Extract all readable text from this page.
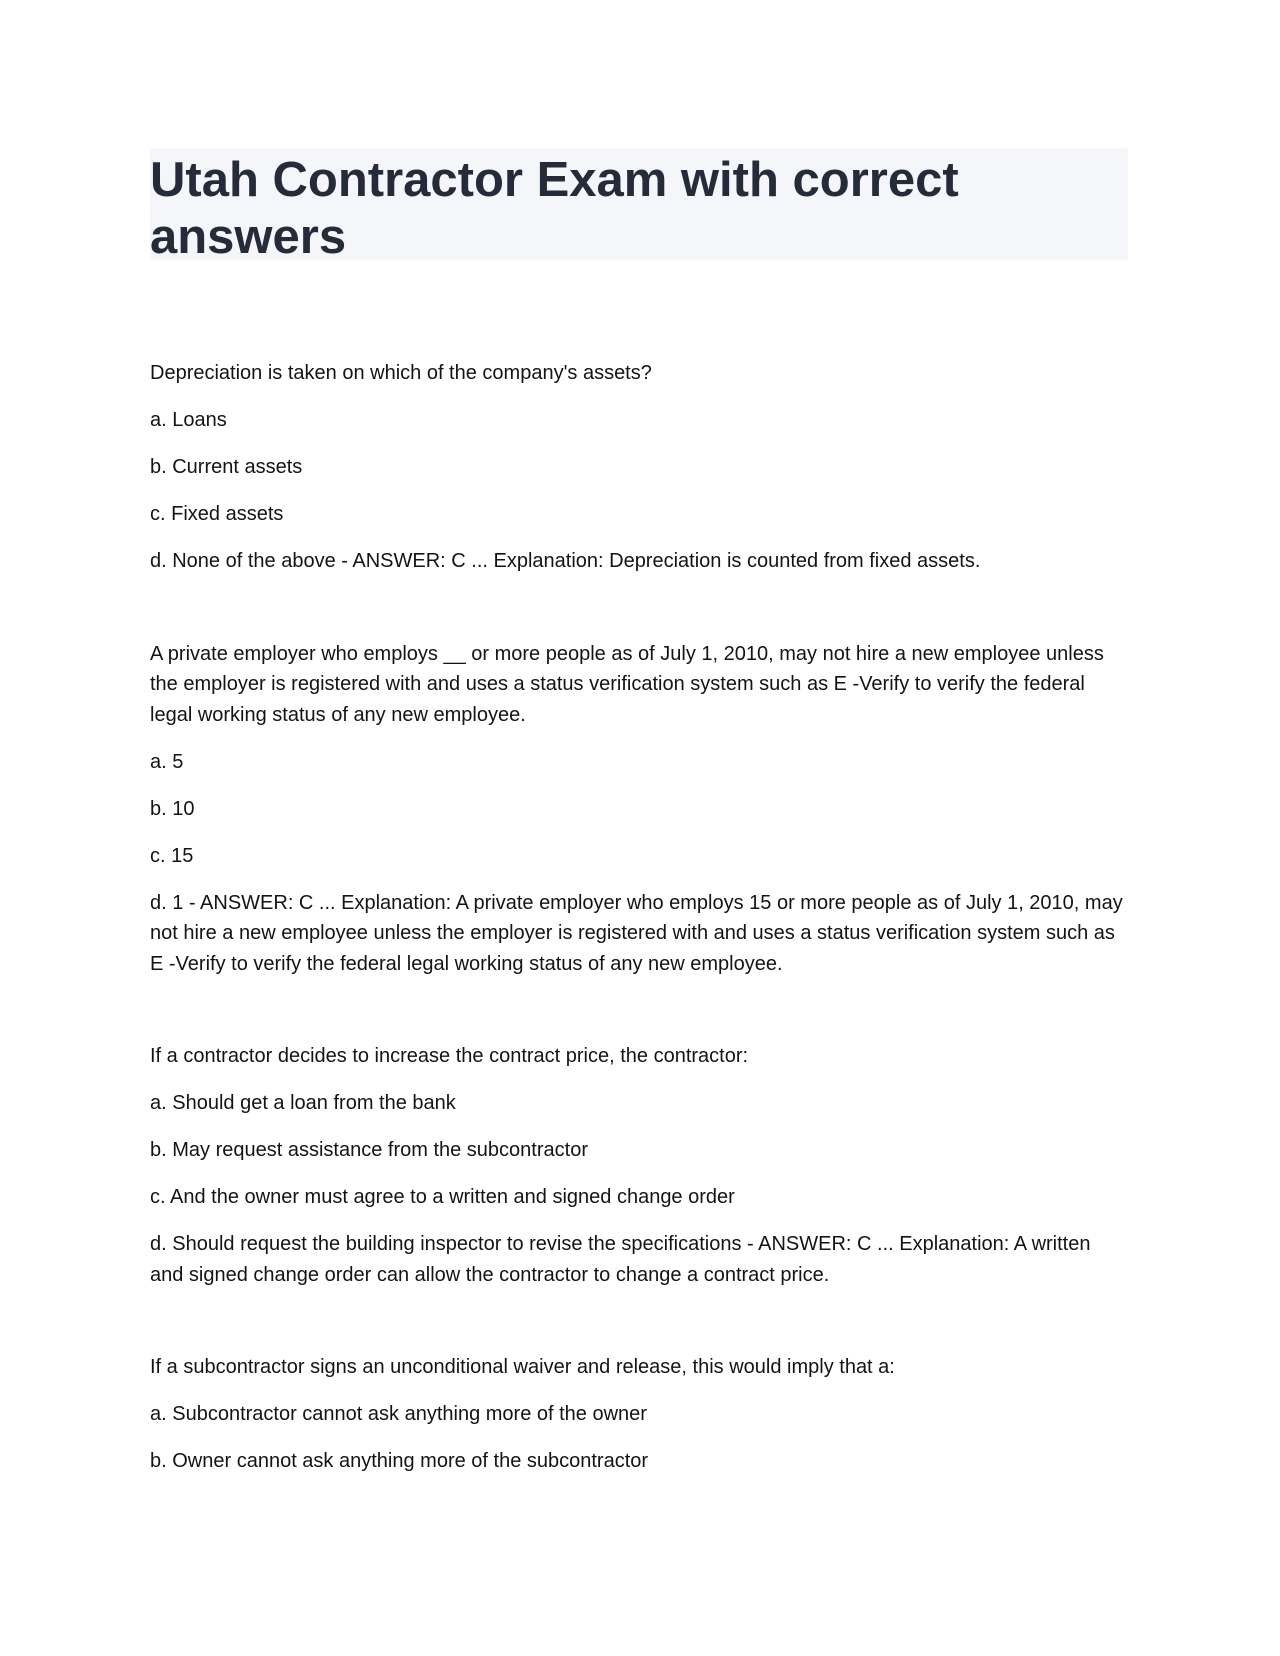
Utah Contractor Exam with correct answers

Depreciation is taken on which of the company's assets?

a. Loans

b. Current assets

c. Fixed assets

d. None of the above - ANSWER: C ... Explanation: Depreciation is counted from fixed assets.

A private employer who employs __ or more people as of July 1, 2010, may not hire a new employee unless the employer is registered with and uses a status verification system such as E -Verify to verify the federal legal working status of any new employee.

a. 5

b. 10

c. 15

d. 1 - ANSWER: C ... Explanation: A private employer who employs 15 or more people as of July 1, 2010, may not hire a new employee unless the employer is registered with and uses a status verification system such as E -Verify to verify the federal legal working status of any new employee.

If a contractor decides to increase the contract price, the contractor:

a. Should get a loan from the bank

b. May request assistance from the subcontractor

c. And the owner must agree to a written and signed change order

d. Should request the building inspector to revise the specifications - ANSWER: C ... Explanation: A written and signed change order can allow the contractor to change a contract price.

If a subcontractor signs an unconditional waiver and release, this would imply that a:

a. Subcontractor cannot ask anything more of the owner

b. Owner cannot ask anything more of the subcontractor
